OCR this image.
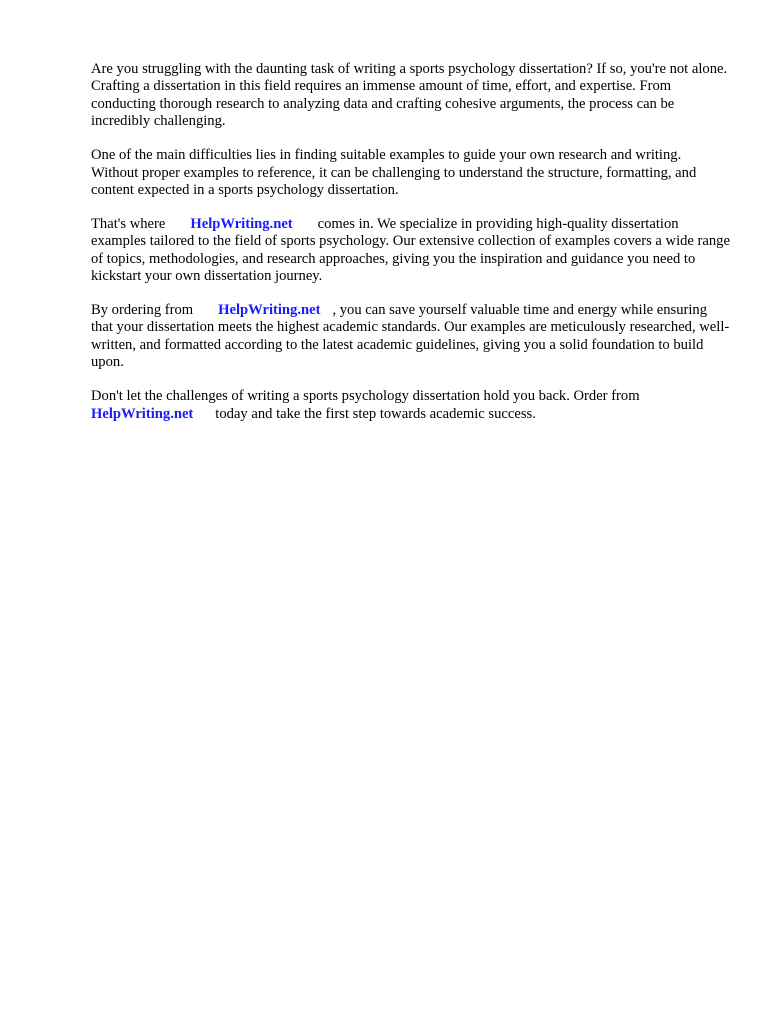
Are you struggling with the daunting task of writing a sports psychology dissertation? If so, you're not alone. Crafting a dissertation in this field requires an immense amount of time, effort, and expertise. From conducting thorough research to analyzing data and crafting cohesive arguments, the process can be incredibly challenging.

One of the main difficulties lies in finding suitable examples to guide your own research and writing. Without proper examples to reference, it can be challenging to understand the structure, formatting, and content expected in a sports psychology dissertation.

That's where HelpWriting.net comes in. We specialize in providing high-quality dissertation examples tailored to the field of sports psychology. Our extensive collection of examples covers a wide range of topics, methodologies, and research approaches, giving you the inspiration and guidance you need to kickstart your own dissertation journey.

By ordering from HelpWriting.net , you can save yourself valuable time and energy while ensuring that your dissertation meets the highest academic standards. Our examples are meticulously researched, well-written, and formatted according to the latest academic guidelines, giving you a solid foundation to build upon.

Don't let the challenges of writing a sports psychology dissertation hold you back. Order from HelpWriting.net today and take the first step towards academic success.
